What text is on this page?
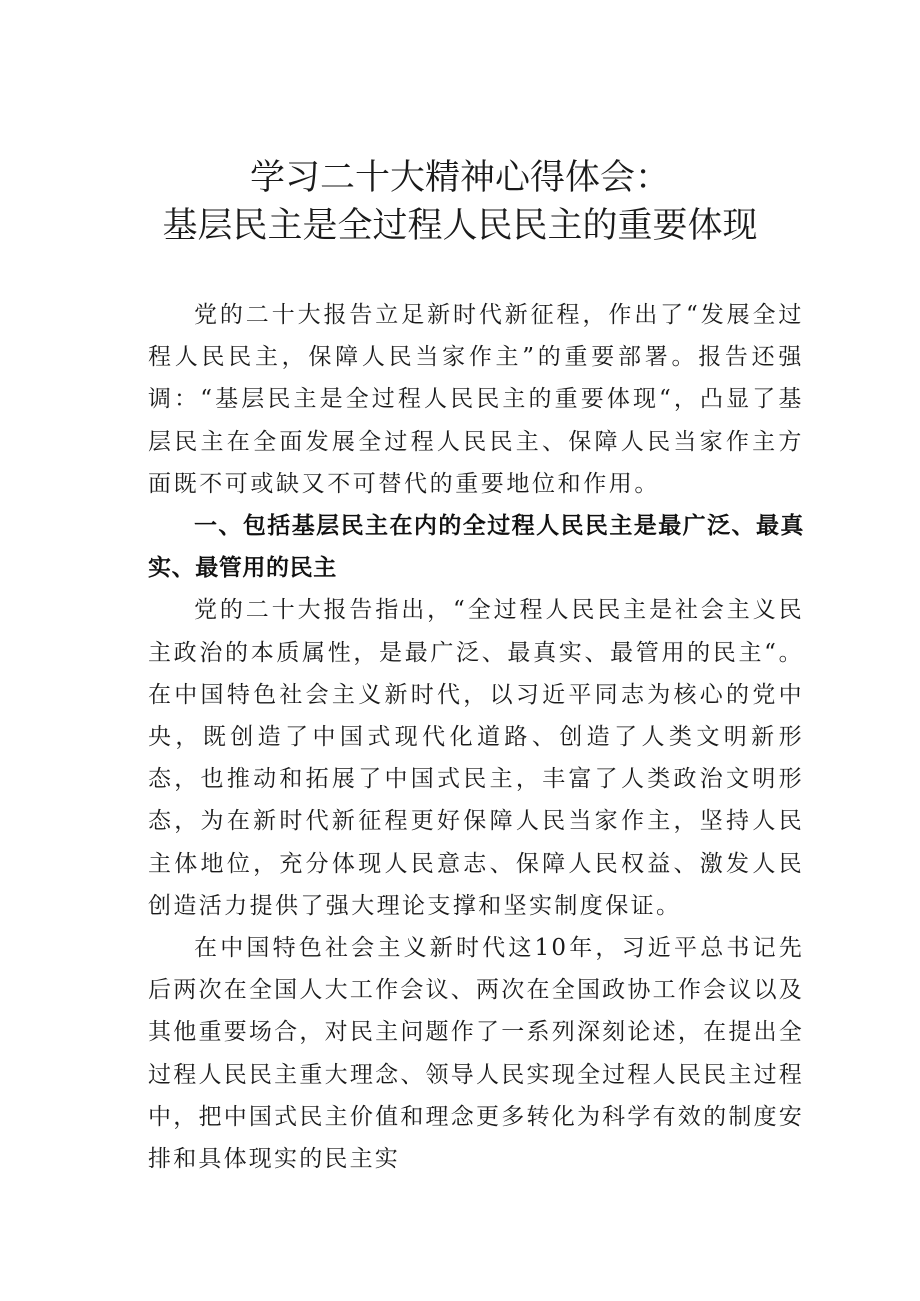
学习二十大精神心得体会：
基层民主是全过程人民民主的重要体现

党的二十大报告立足新时代新征程，作出了“发展全过程人民民主，保障人民当家作主”的重要部署。报告还强调：“基层民主是全过程人民民主的重要体现“，凸显了基层民主在全面发展全过程人民民主、保障人民当家作主方面既不可或缺又不可替代的重要地位和作用。

一、包括基层民主在内的全过程人民民主是最广泛、最真实、最管用的民主

党的二十大报告指出，“全过程人民民主是社会主义民主政治的本质属性，是最广泛、最真实、最管用的民主“。在中国特色社会主义新时代，以习近平同志为核心的党中央，既创造了中国式现代化道路、创造了人类文明新形态，也推动和拓展了中国式民主，丰富了人类政治文明形态，为在新时代新征程更好保障人民当家作主，坚持人民主体地位，充分体现人民意志、保障人民权益、激发人民创造活力提供了强大理论支撑和坚实制度保证。

在中国特色社会主义新时代这10年，习近平总书记先后两次在全国人大工作会议、两次在全国政协工作会议以及其他重要场合，对民主问题作了一系列深刻论述，在提出全过程人民民主重大理念、领导人民实现全过程人民民主过程中，把中国式民主价值和理念更多转化为科学有效的制度安排和具体现实的民主实
